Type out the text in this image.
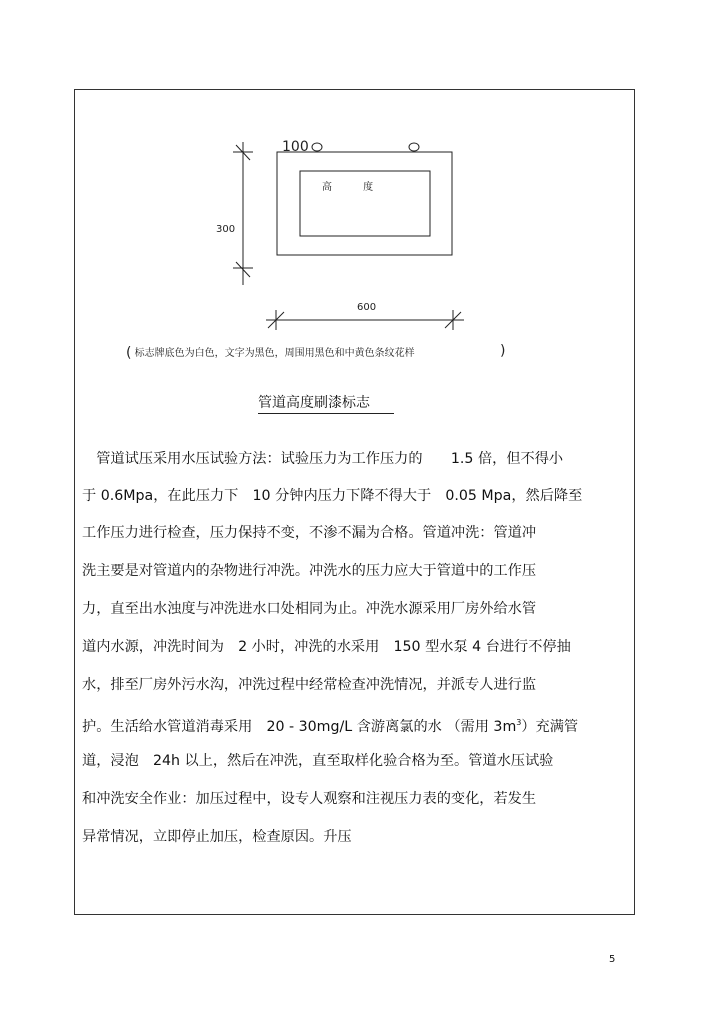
100
300
600
高 度
( 标志牌底色为白色，文字为黑色，周围用黑色和中黄色条纹花样	)
管道高度刷漆标志
　管道试压采用水压试验方法：试验压力为工作压力的　　1.5 倍，但不得小
于 0.6Mpa，在此压力下　10 分钟内压力下降不得大于　0.05 Mpa，然后降至
工作压力进行检查，压力保持不变，不渗不漏为合格。管道冲洗：管道冲
洗主要是对管道内的杂物进行冲洗。冲洗水的压力应大于管道中的工作压
力，直至出水浊度与冲洗进水口处相同为止。冲洗水源采用厂房外给水管
道内水源，冲洗时间为　2 小时，冲洗的水采用　150 型水泵 4 台进行不停抽
水，排至厂房外污水沟，冲洗过程中经常检查冲洗情况，并派专人进行监
护。生活给水管道消毒采用　20 - 30mg/L 含游离氯的水 （需用 $3m^3$）充满管
道，浸泡　24h 以上，然后在冲洗，直至取样化验合格为至。管道水压试验
和冲洗安全作业：加压过程中，设专人观察和注视压力表的变化，若发生
异常情况，立即停止加压，检查原因。升压
5
